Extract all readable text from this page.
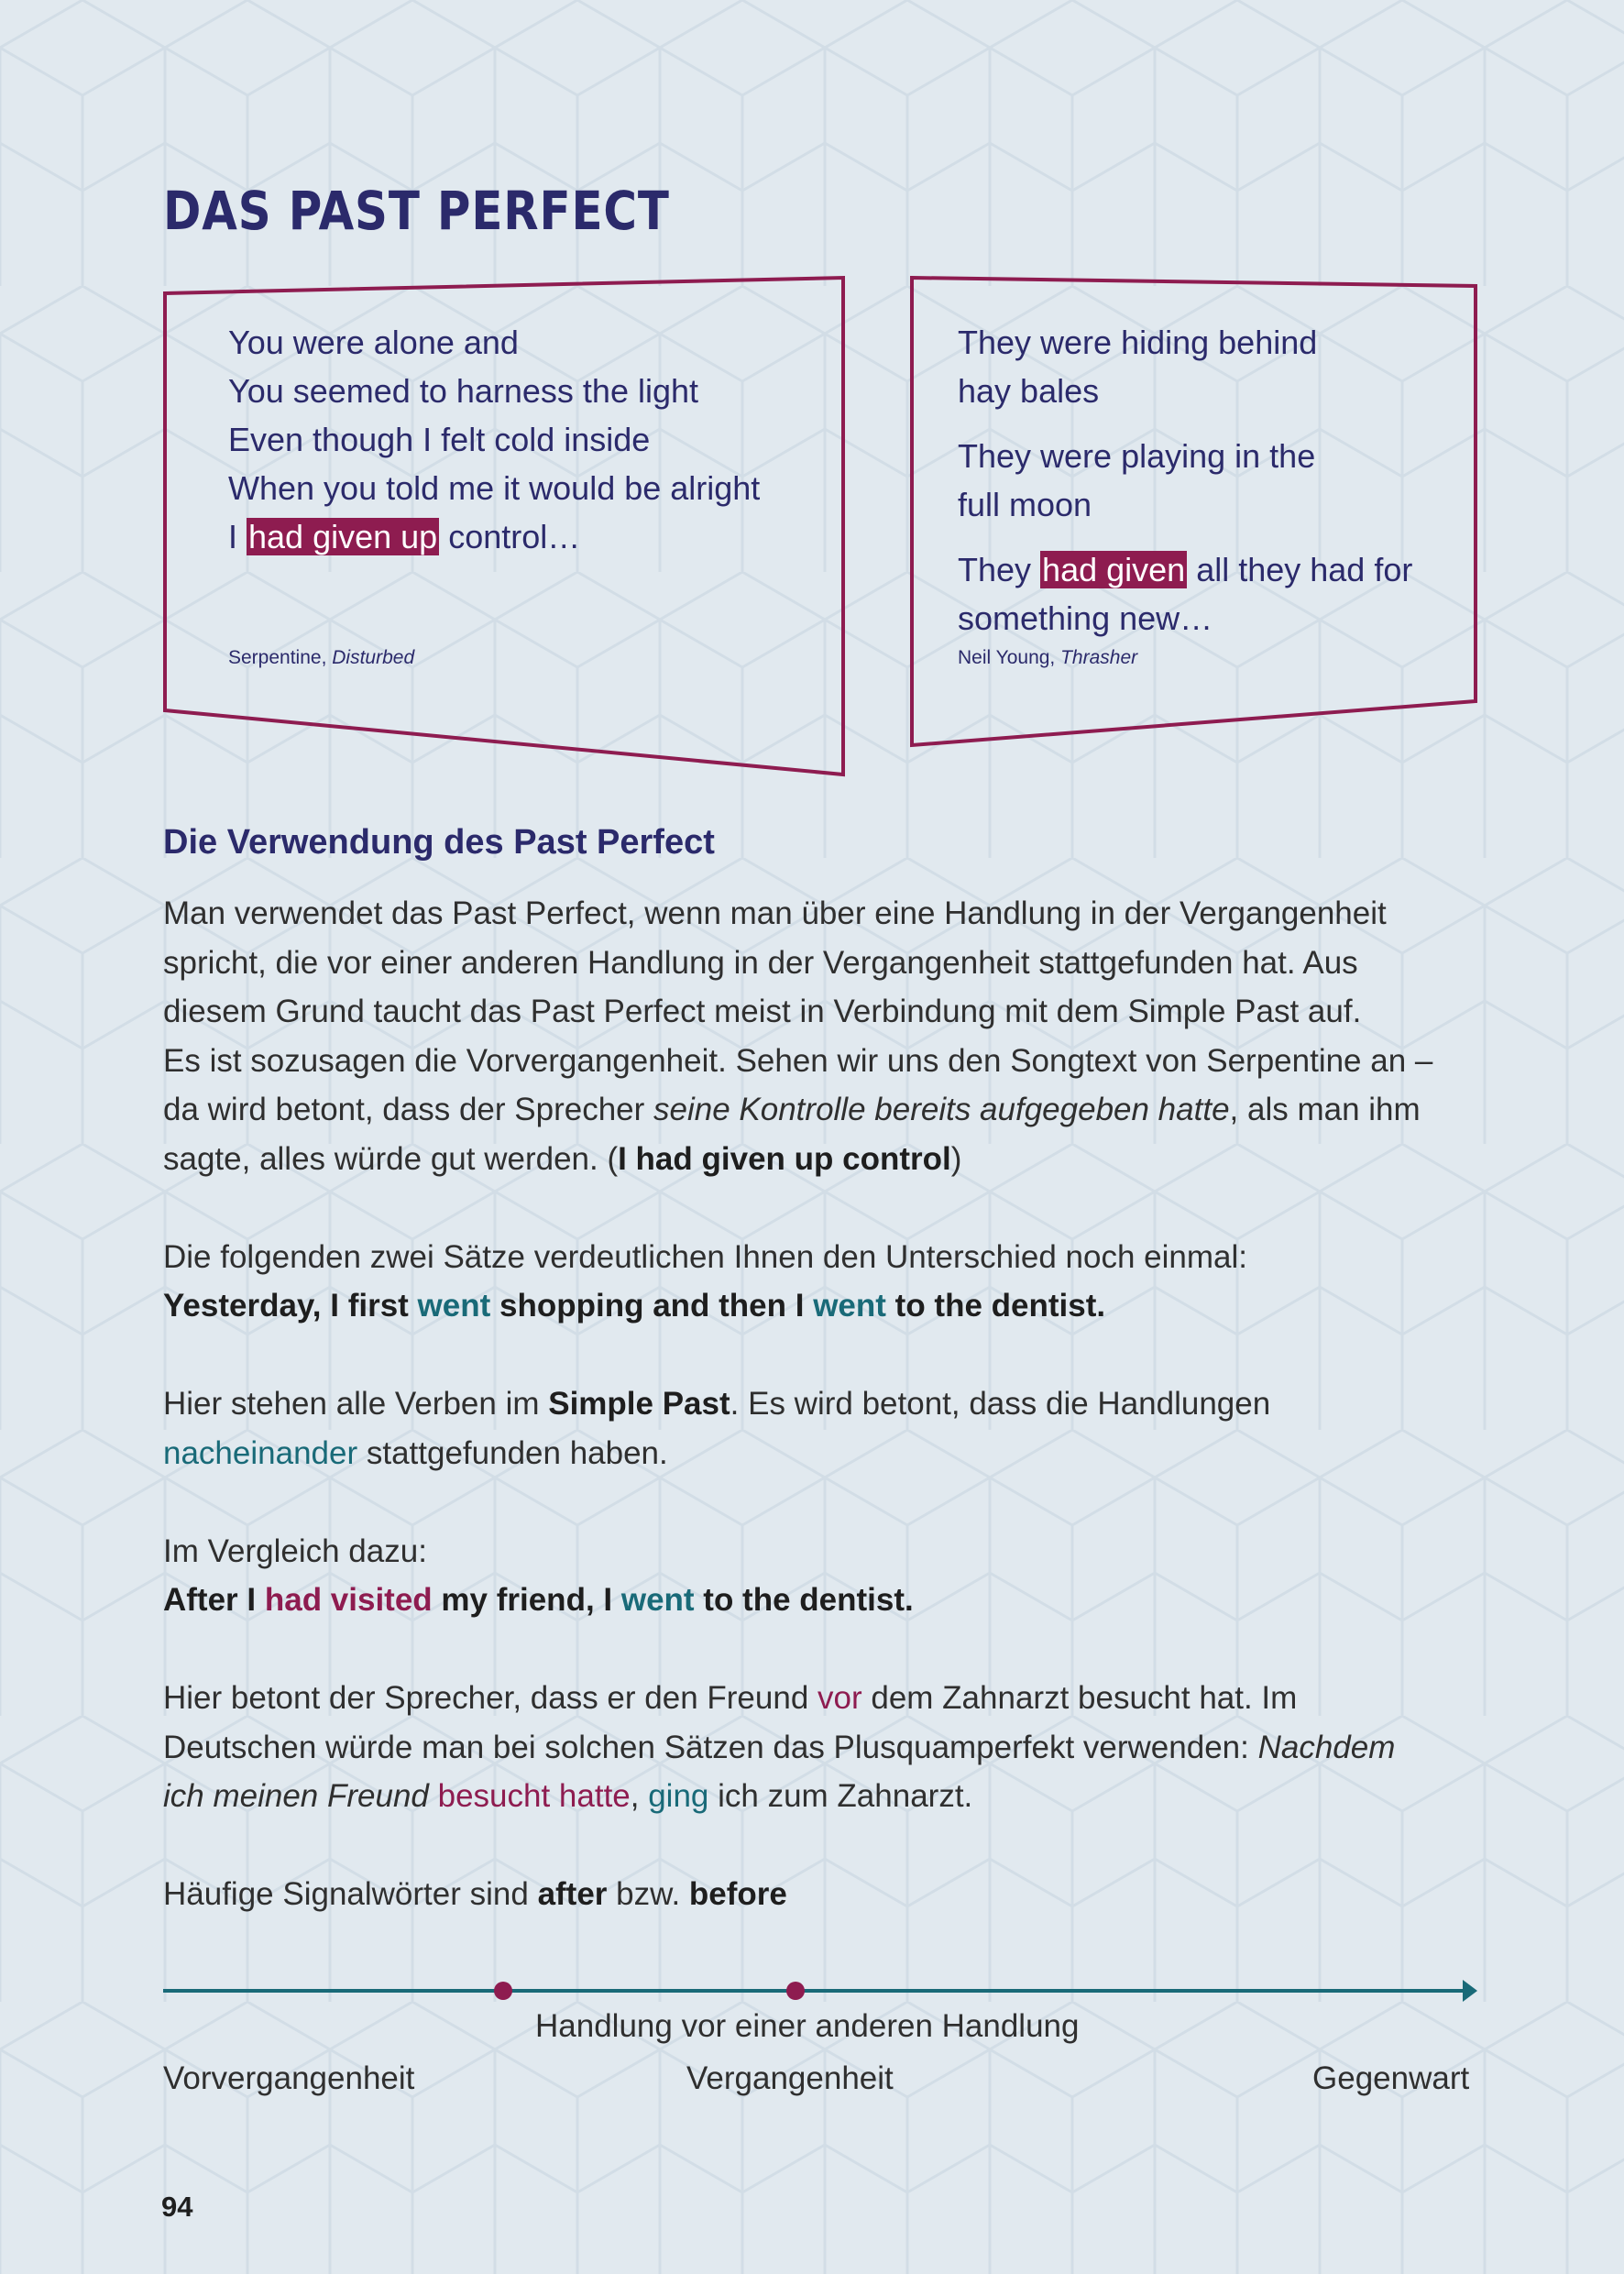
DAS PAST PERFECT
You were alone and
You seemed to harness the light
Even though I felt cold inside
When you told me it would be alright
I had given up control…
Serpentine, Disturbed
They were hiding behind
hay bales
They were playing in the
full moon
They had given all they had for
something new…
Neil Young, Thrasher
Die Verwendung des Past Perfect

Man verwendet das Past Perfect, wenn man über eine Handlung in der Vergangenheit

spricht, die vor einer anderen Handlung in der Vergangenheit stattgefunden hat. Aus

diesem Grund taucht das Past Perfect meist in Verbindung mit dem Simple Past auf.

Es ist sozusagen die Vorvergangenheit. Sehen wir uns den Songtext von Serpentine an –

da wird betont, dass der Sprecher seine Kontrolle bereits aufgegeben hatte, als man ihm

sagte, alles würde gut werden. (I had given up control)

Die folgenden zwei Sätze verdeutlichen Ihnen den Unterschied noch einmal:

Yesterday, I first went shopping and then I went to the dentist.

Hier stehen alle Verben im Simple Past. Es wird betont, dass die Handlungen

nacheinander stattgefunden haben.

Im Vergleich dazu:

After I had visited my friend, I went to the dentist.

Hier betont der Sprecher, dass er den Freund vor dem Zahnarzt besucht hat. Im

Deutschen würde man bei solchen Sätzen das Plusquamperfekt verwenden: Nachdem

ich meinen Freund besucht hatte, ging ich zum Zahnarzt.

Häufige Signalwörter sind after bzw. before

Handlung vor einer anderen Handlung
Vorvergangenheit	Vergangenheit	Gegenwart
94
